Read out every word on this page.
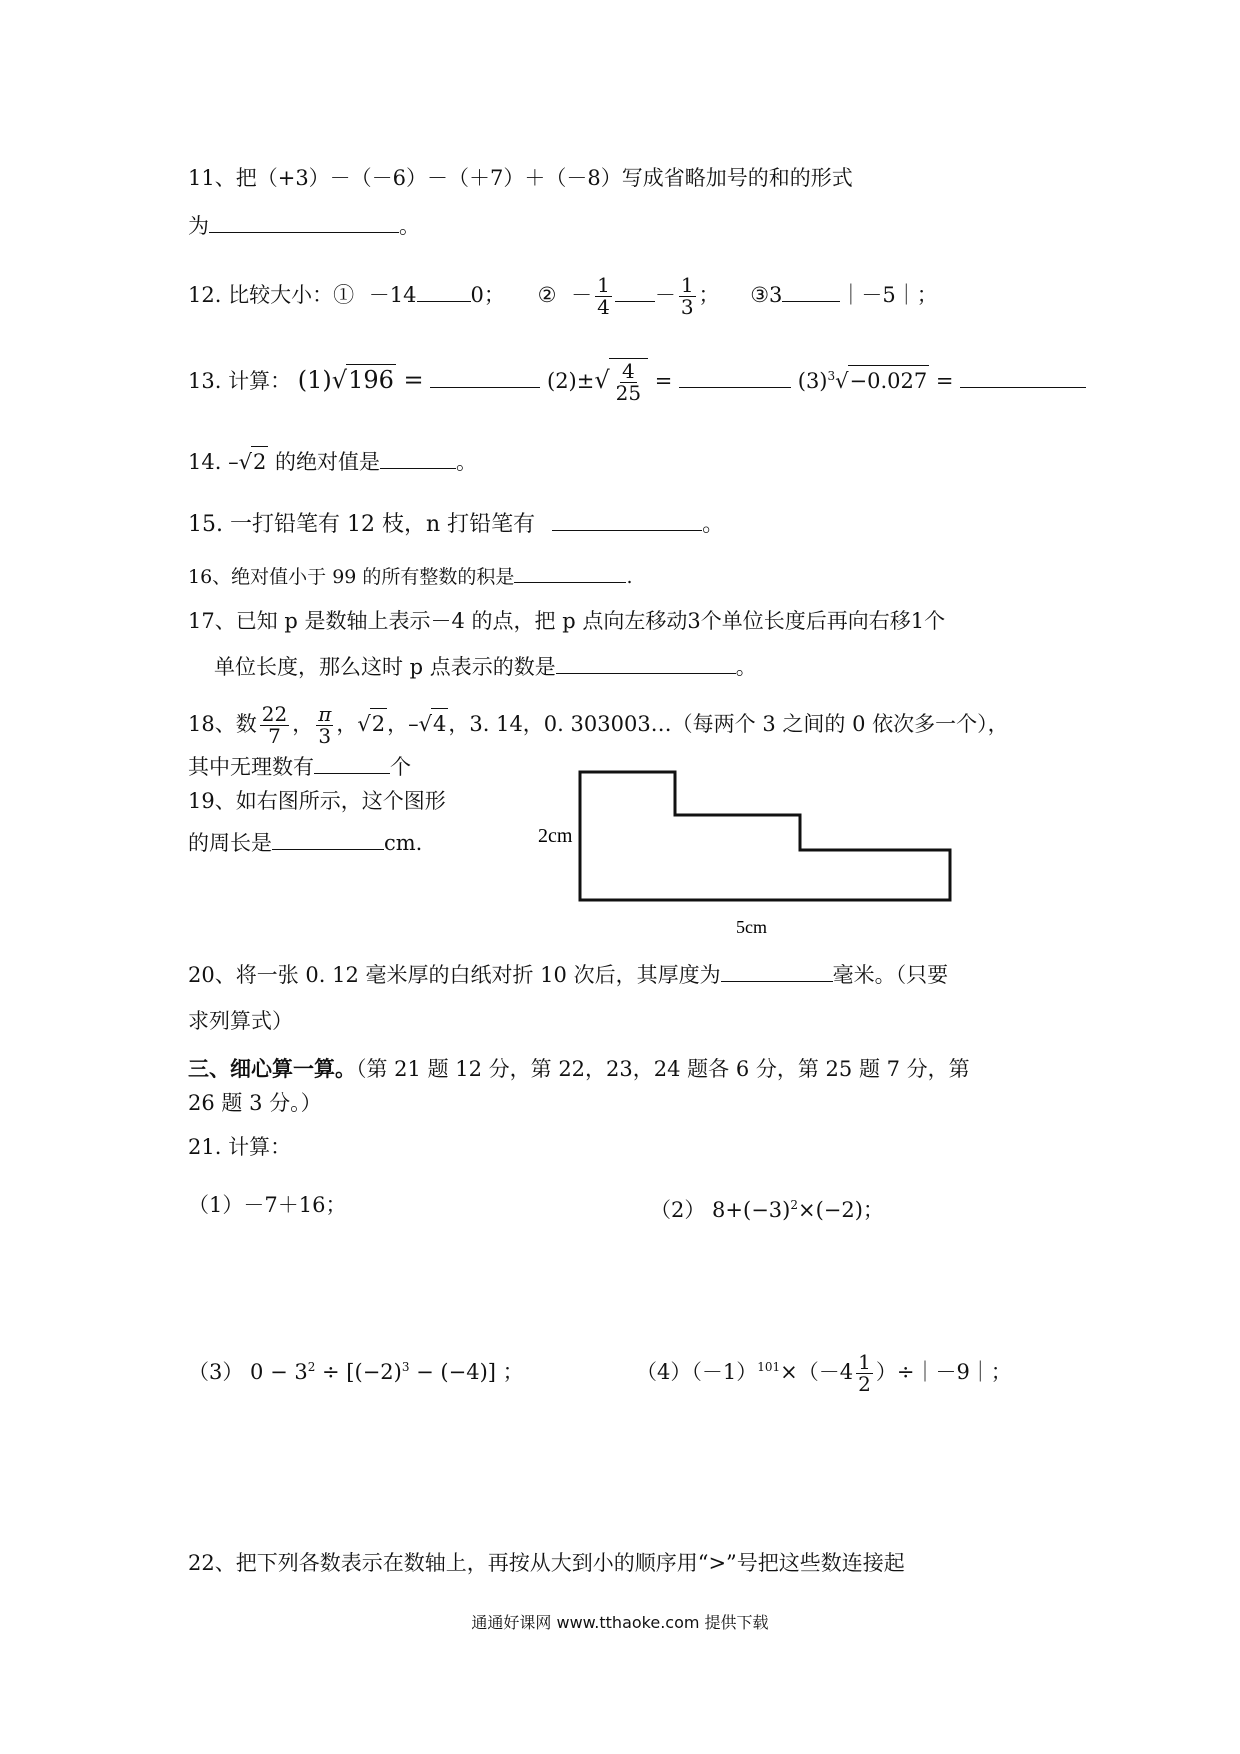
11、把（+3）－（－6）－（＋7）＋（－8）写成省略加号的和的形式
为	。
12. 比较大小：① －14	0； ② － $\frac{1}{4} - \frac{1}{3}$ ； ③3	｜－5｜；
13. 计算： (1)√196 =	$(2)\pm√ \frac{4}{25}$ =	$(3)^3√-0.027$ =
14. –√2 的绝对值是	。
15. 一打铅笔有 12 枝，n 打铅笔有	。
16、绝对值小于 99 的所有整数的积是	.
17、已知 p 是数轴上表示－4 的点，把 p 点向左移动3个单位长度后再向右移1个
单位长度，那么这时 p 点表示的数是	。
18、数 $\frac{22}{7}$ ， $\frac{\pi}{3}$ ，√2，–√4，3. 14，0. 303003…（每两个 3 之间的 0 依次多一个），
其中无理数有	个
19、如右图所示，这个图形
的周长是	cm.	2cm
5cm
20、将一张 0. 12 毫米厚的白纸对折 10 次后，其厚度为	毫米。（只要
求列算式）
三、细心算一算。（第 21 题 12 分，第 22，23，24 题各 6 分，第 25 题 7 分，第
26 题 3 分。）
21. 计算：
（1）－7＋16；	（2） $8+(-3)^2\times(-2)$；
（3） $0 - 3^2 \div [(-2)^3 - (-4)]$ ；	$(4)(-1)^{101}\times(-4 \frac{1}{2}$ ）÷｜－9｜；
22、把下列各数表示在数轴上，再按从大到小的顺序用“>”号把这些数连接起
通通好课网 www.tthaoke.com 提供下载
